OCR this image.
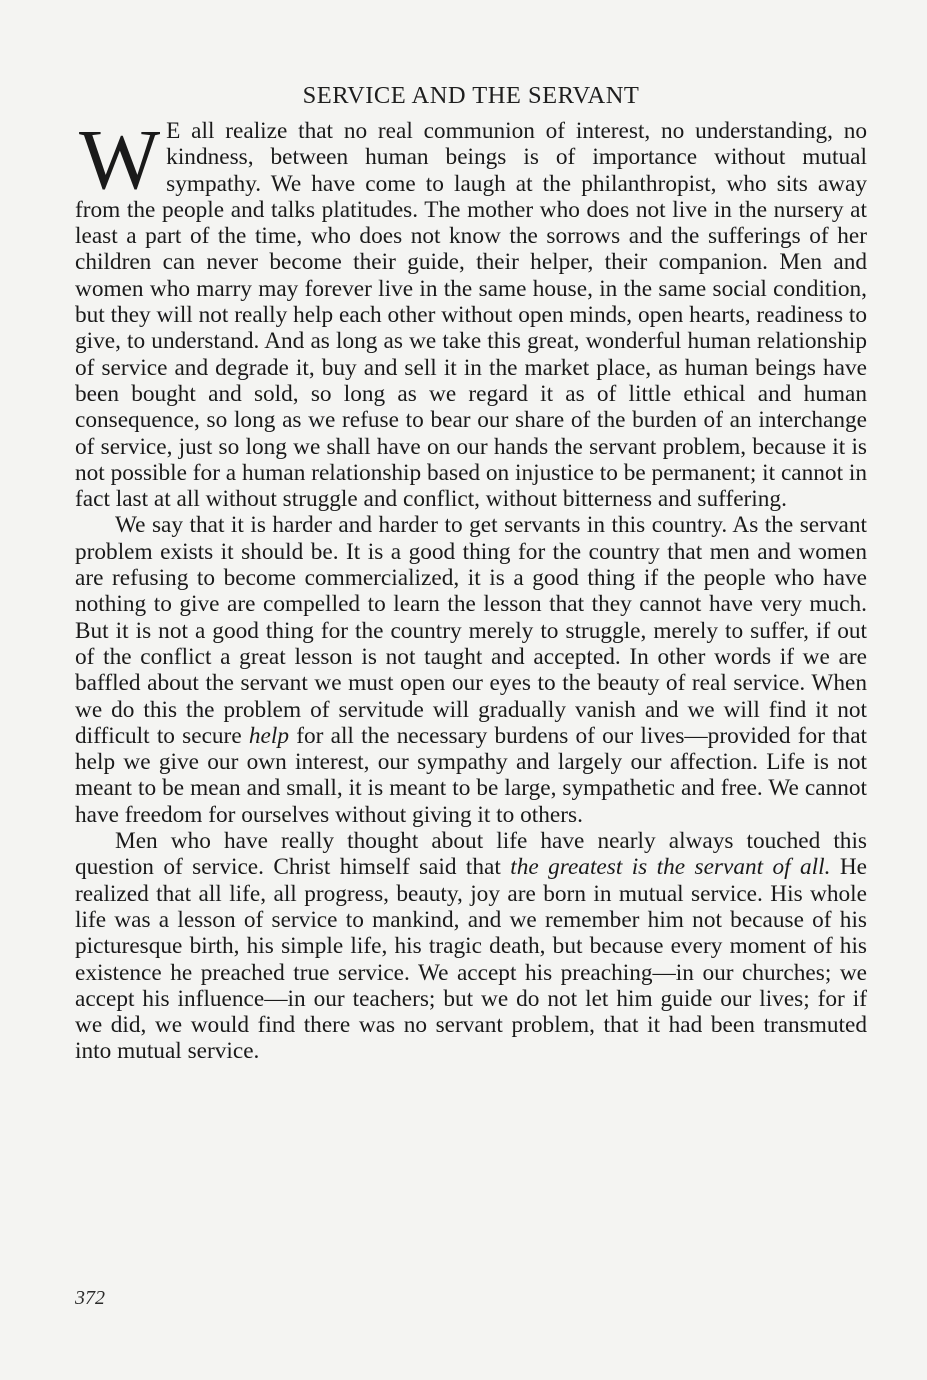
SERVICE AND THE SERVANT

W E all realize that no real communion of interest, no understanding, no kindness, between human beings is of importance without mutual sympathy. We have come to laugh at the philanthropist, who sits away from the people and talks platitudes. The mother who does not live in the nursery at least a part of the time, who does not know the sorrows and the sufferings of her children can never become their guide, their helper, their companion. Men and women who marry may forever live in the same house, in the same social condition, but they will not really help each other without open minds, open hearts, readiness to give, to understand. And as long as we take this great, wonderful human relationship of service and degrade it, buy and sell it in the market place, as human beings have been bought and sold, so long as we regard it as of little ethical and human consequence, so long as we refuse to bear our share of the burden of an interchange of service, just so long we shall have on our hands the servant problem, because it is not possible for a human relationship based on injustice to be permanent; it cannot in fact last at all without struggle and conflict, without bitterness and suffering.

We say that it is harder and harder to get servants in this country. As the servant problem exists it should be. It is a good thing for the country that men and women are refusing to become commercialized, it is a good thing if the people who have nothing to give are compelled to learn the lesson that they cannot have very much. But it is not a good thing for the country merely to struggle, merely to suffer, if out of the conflict a great lesson is not taught and accepted. In other words if we are baffled about the servant we must open our eyes to the beauty of real service. When we do this the problem of servitude will gradually vanish and we will find it not difficult to secure help for all the necessary burdens of our lives—provided for that help we give our own interest, our sympathy and largely our affection. Life is not meant to be mean and small, it is meant to be large, sympathetic and free. We cannot have freedom for ourselves without giving it to others.

Men who have really thought about life have nearly always touched this question of service. Christ himself said that the greatest is the servant of all. He realized that all life, all progress, beauty, joy are born in mutual service. His whole life was a lesson of service to mankind, and we remember him not because of his picturesque birth, his simple life, his tragic death, but because every moment of his existence he preached true service. We accept his preaching—in our churches; we accept his influence—in our teachers; but we do not let him guide our lives; for if we did, we would find there was no servant problem, that it had been transmuted into mutual service.

372
